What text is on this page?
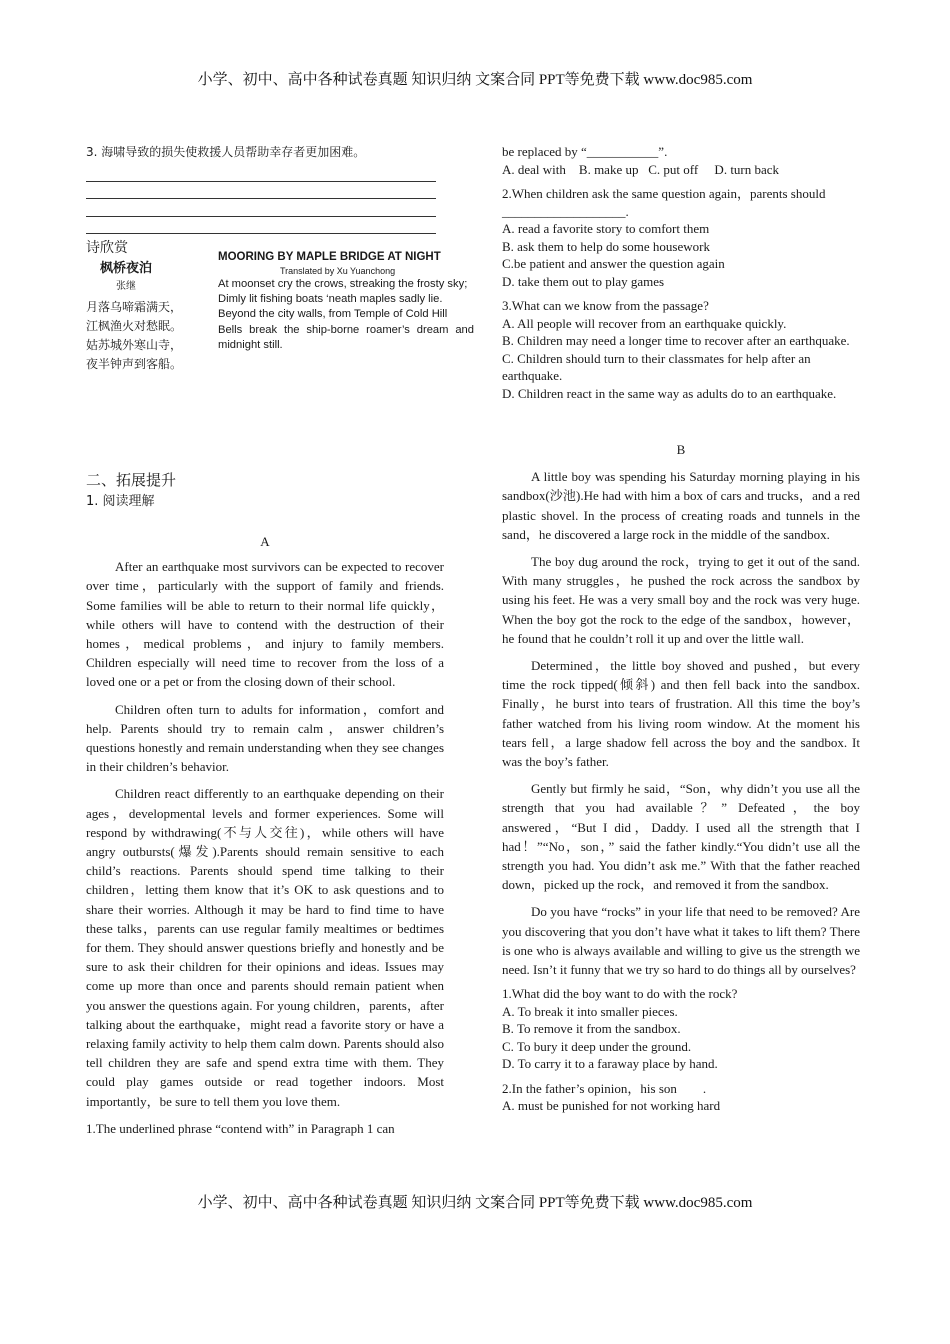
小学、初中、高中各种试卷真题 知识归纳 文案合同 PPT等免费下载 www.doc985.com

3. 海啸导致的损失使救援人员帮助幸存者更加困难。

诗欣赏

枫桥夜泊

张继

月落乌啼霜满天，

江枫渔火对愁眠。

姑苏城外寒山寺，

夜半钟声到客船。

MOORING BY MAPLE BRIDGE AT NIGHT

Translated by Xu Yuanchong

At moonset cry the crows, streaking the frosty sky;

Dimly lit fishing boats ‘neath maples sadly lie.

Beyond the city walls, from Temple of Cold Hill

Bells break the ship-borne roamer’s dream and midnight still.

二、拓展提升

1. 阅读理解

A

After an earthquake most survivors can be expected to recover over time，particularly with the support of family and friends. Some families will be able to return to their normal life quickly，while others will have to contend with the destruction of their homes，medical problems，and injury to family members. Children especially will need time to recover from the loss of a loved one or a pet or from the closing down of their school.

Children often turn to adults for information，comfort and help. Parents should try to remain calm，answer children’s questions honestly and remain understanding when they see changes in their children’s behavior.

Children react differently to an earthquake depending on their ages，developmental levels and former experiences. Some will respond by withdrawing(不与人交往)，while others will have angry outbursts(爆发).Parents should remain sensitive to each child’s reactions. Parents should spend time talking to their children，letting them know that it’s OK to ask questions and to share their worries. Although it may be hard to find time to have these talks，parents can use regular family mealtimes or bedtimes for them. They should answer questions briefly and honestly and be sure to ask their children for their opinions and ideas. Issues may come up more than once and parents should remain patient when you answer the questions again. For young children，parents，after talking about the earthquake，might read a favorite story or have a relaxing family activity to help them calm down. Parents should also tell children they are safe and spend extra time with them. They could play games outside or read together indoors. Most importantly，be sure to tell them you love them.

1.The underlined phrase “contend with” in Paragraph 1 can

be replaced by “___________”.

A. deal with    B. make up   C. put off     D. turn back

2.When children ask the same question again，parents should ___________________.

A. read a favorite story to comfort them

B. ask them to help do some housework

C.be patient and answer the question again

D. take them out to play games

3.What can we know from the passage?

A. All people will recover from an earthquake quickly.

B. Children may need a longer time to recover after an earthquake.

C. Children should turn to their classmates for help after an earthquake.

D. Children react in the same way as adults do to an earthquake.

B

A little boy was spending his Saturday morning playing in his sandbox(沙池).He had with him a box of cars and trucks，and a red plastic shovel. In the process of creating roads and tunnels in the sand，he discovered a large rock in the middle of the sandbox.

The boy dug around the rock，trying to get it out of the sand. With many struggles，he pushed the rock across the sandbox by using his feet. He was a very small boy and the rock was very huge. When the boy got the rock to the edge of the sandbox，however，he found that he couldn’t roll it up and over the little wall.

Determined，the little boy shoved and pushed，but every time the rock tipped(倾斜) and then fell back into the sandbox. Finally，he burst into tears of frustration. All this time the boy’s father watched from his living room window. At the moment his tears fell，a large shadow fell across the boy and the sandbox. It was the boy’s father.

Gently but firmly he said，“Son，why didn’t you use all the strength that you had available？” Defeated，the boy answered，“But I did，Daddy. I used all the strength that I had！”“No，son，” said the father kindly.“You didn’t use all the strength you had. You didn’t ask me.” With that the father reached down，picked up the rock，and removed it from the sandbox.

Do you have “rocks” in your life that need to be removed? Are you discovering that you don’t have what it takes to lift them? There is one who is always available and willing to give us the strength we need. Isn’t it funny that we try so hard to do things all by ourselves?

1.What did the boy want to do with the rock?

A. To break it into smaller pieces.

B. To remove it from the sandbox.

C. To bury it deep under the ground.

D. To carry it to a faraway place by hand.

2.In the father’s opinion，his son        .

A. must be punished for not working hard

小学、初中、高中各种试卷真题 知识归纳 文案合同 PPT等免费下载 www.doc985.com
